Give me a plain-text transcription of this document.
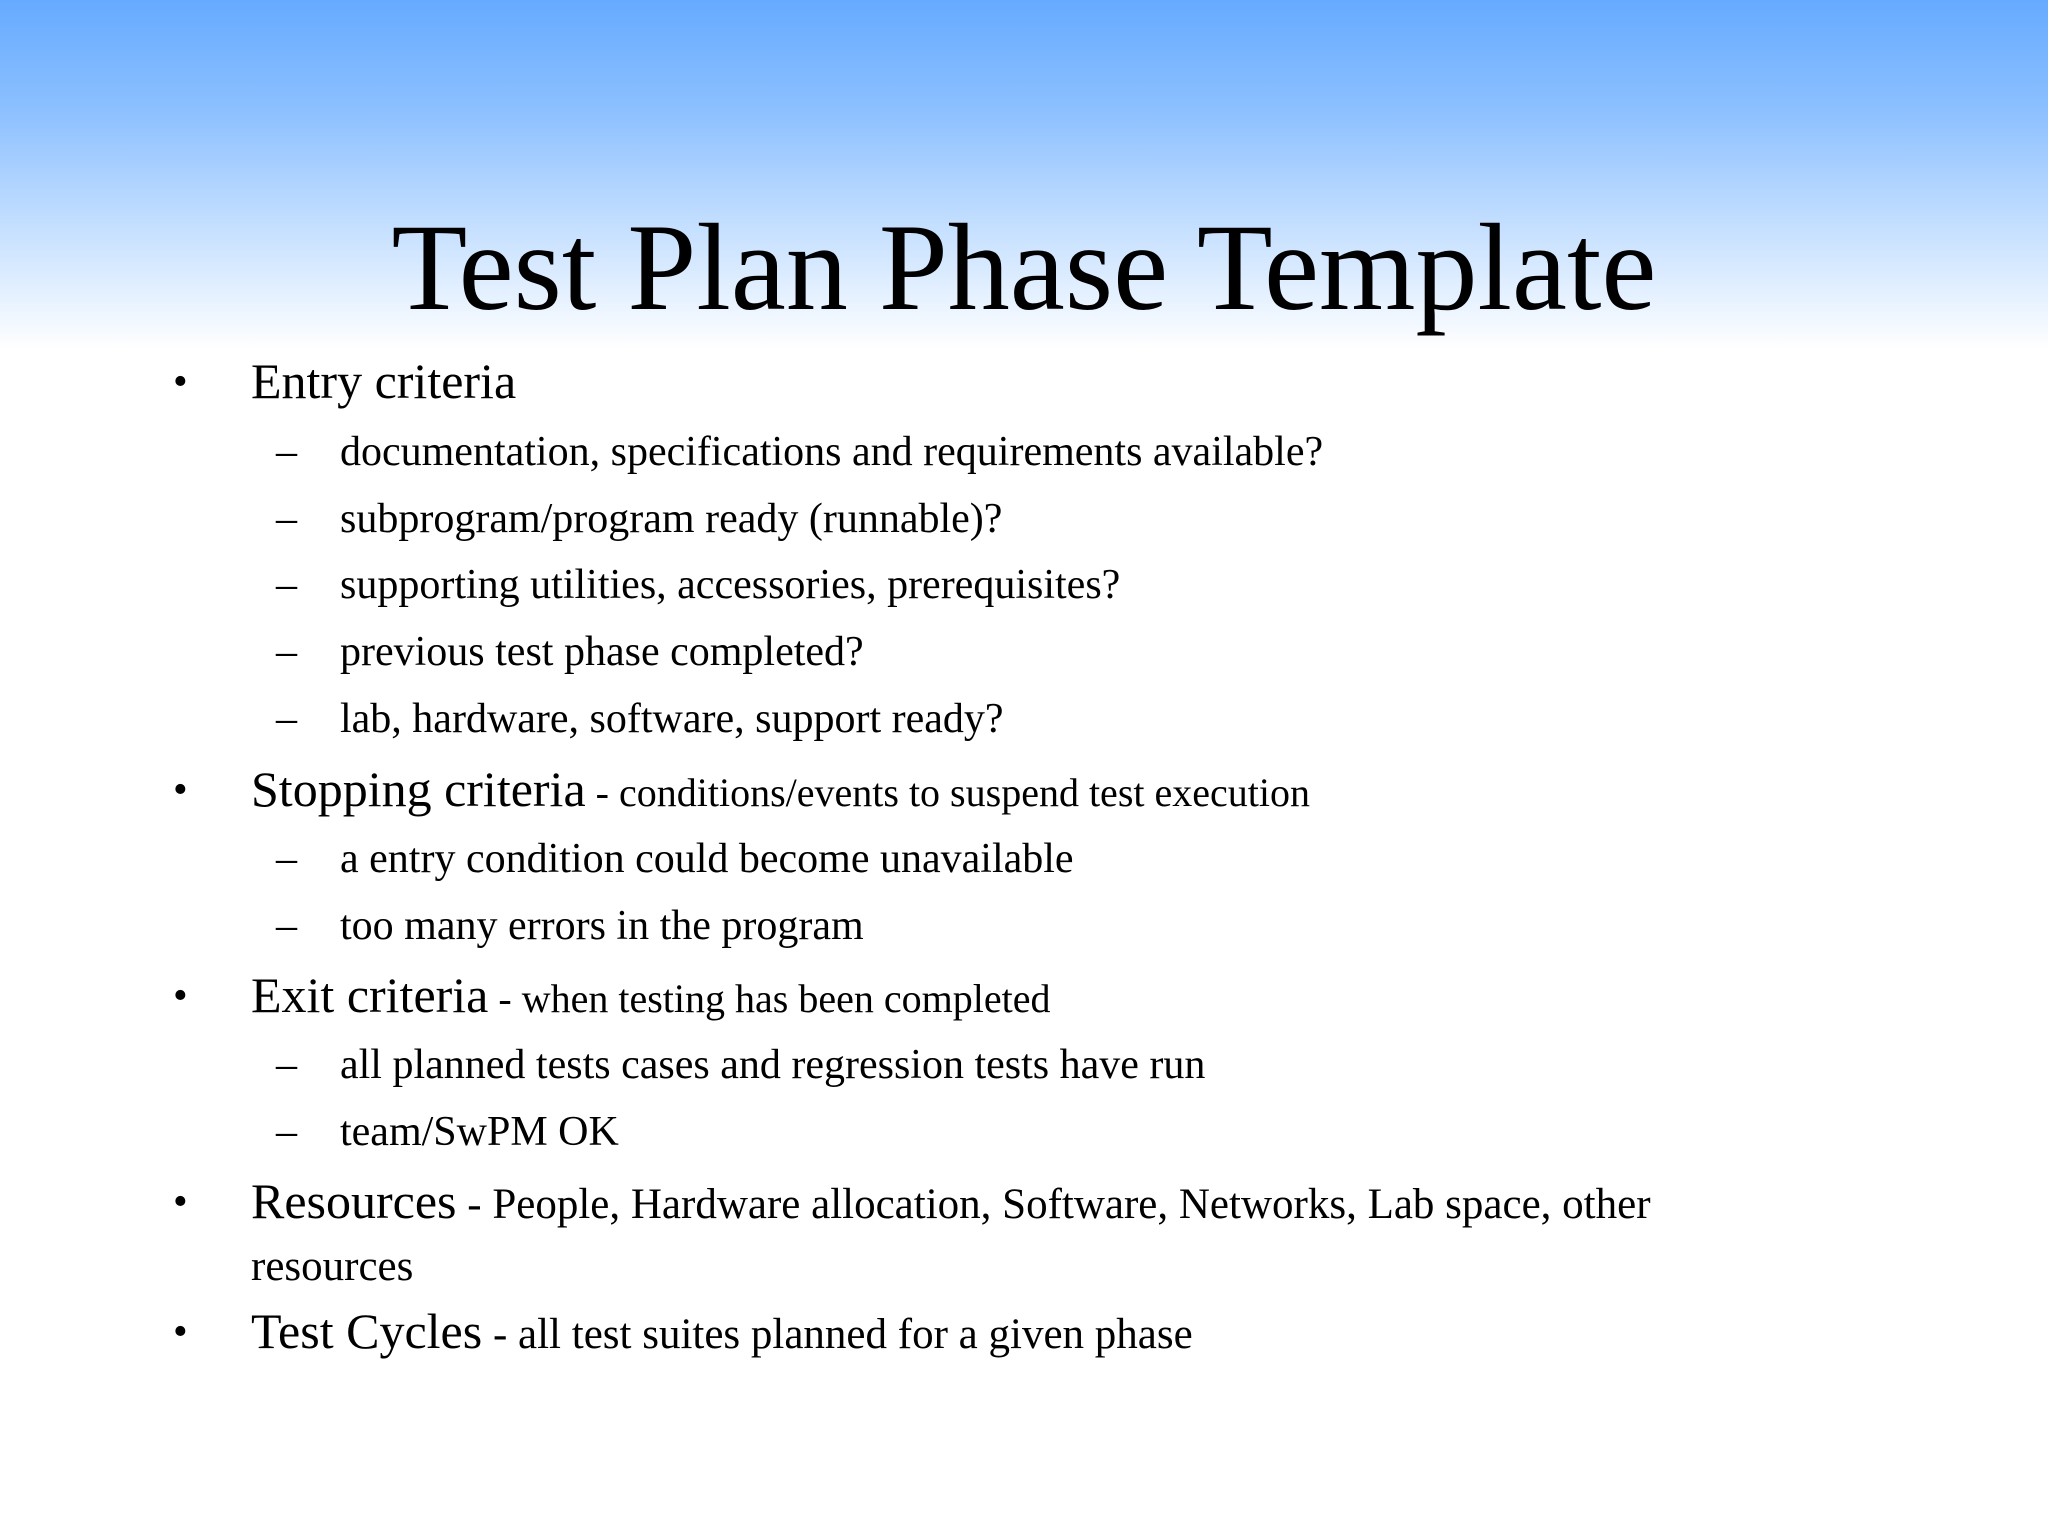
Test Plan Phase Template
• Entry criteria
– documentation, specifications and requirements available?
– subprogram/program ready (runnable)?
– supporting utilities, accessories, prerequisites?
– previous test phase completed?
– lab, hardware, software, support ready?
• Stopping criteria - conditions/events to suspend test execution
– a entry condition could become unavailable
– too many errors in the program
• Exit criteria - when testing has been completed
– all planned tests cases and regression tests have run
– team/SwPM OK
• Resources - People, Hardware allocation, Software, Networks, Lab space, other resources
• Test Cycles - all test suites planned for a given phase
